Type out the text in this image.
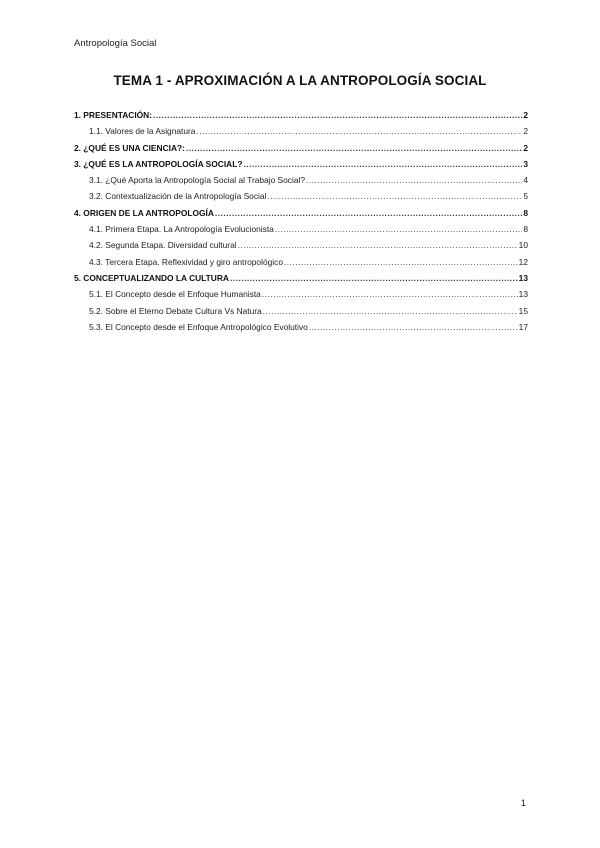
Antropología Social
TEMA 1 - APROXIMACIÓN A LA ANTROPOLOGÍA SOCIAL
1. PRESENTACIÓN: .....	2
1.1. Valores de la Asignatura .....	2
2. ¿QUÉ ES UNA CIENCIA?: .....	2
3. ¿QUÉ ES LA ANTROPOLOGÍA SOCIAL? .....	3
3.1. ¿Qué Aporta la Antropología Social al Trabajo Social? .....	4
3.2. Contextualización de la Antropología Social .....	5
4. ORIGEN DE LA ANTROPOLOGÍA .....	8
4.1. Primera Etapa. La Antropología Evolucionista .....	8
4.2. Segunda Etapa. Diversidad cultural .....	10
4.3. Tercera Etapa. Reflexividad y giro antropológico .....	12
5. CONCEPTUALIZANDO LA CULTURA .....	13
5.1. El Concepto desde el Enfoque Humanista .....	13
5.2. Sobre el Eterno Debate Cultura Vs Natura .....	15
5.3. El Concepto desde el Enfoque Antropológico Evolutivo .....	17
1
